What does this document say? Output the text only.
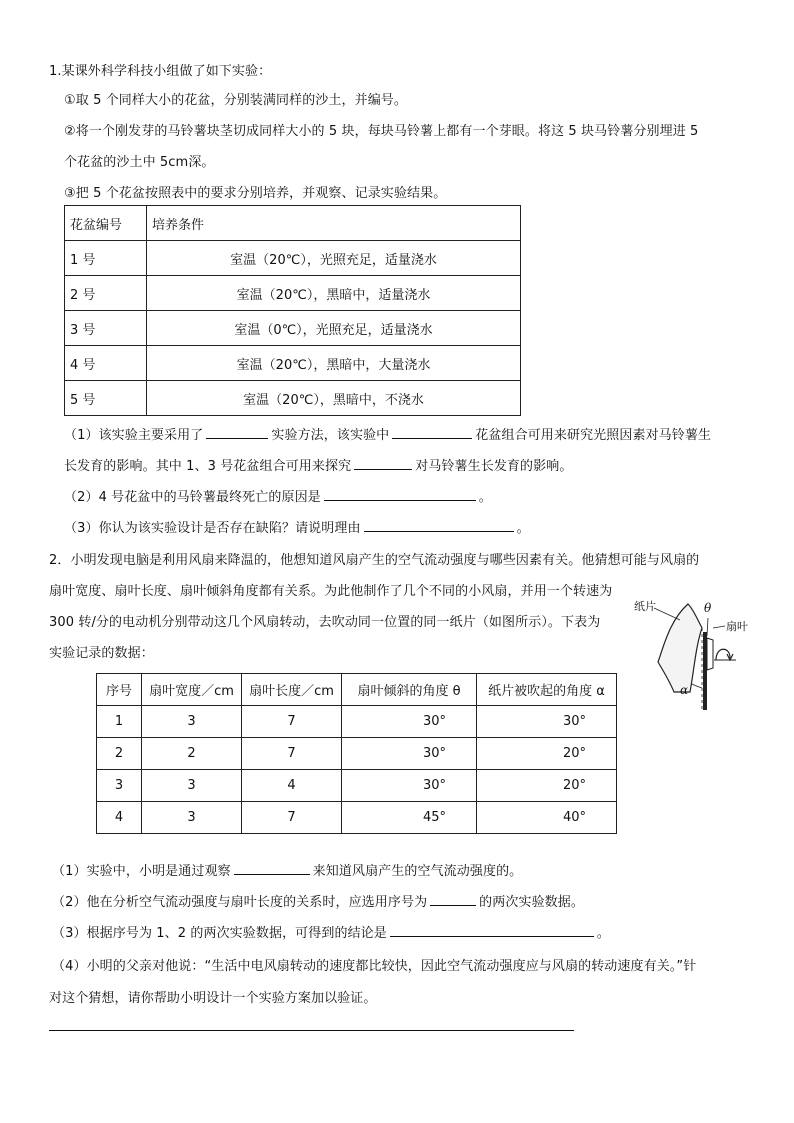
1.某课外科学科技小组做了如下实验：
①取 5 个同样大小的花盆，分别装满同样的沙土，并编号。
②将一个刚发芽的马铃薯块茎切成同样大小的 5 块，每块马铃薯上都有一个芽眼。将这 5 块马铃薯分别埋进 5
个花盆的沙土中 5cm深。
③把 5 个花盆按照表中的要求分别培养，并观察、记录实验结果。
花盆编号	培养条件
1 号	室温（20℃），光照充足，适量浇水
2 号	室温（20℃），黑暗中，适量浇水
3 号	室温（0℃），光照充足，适量浇水
4 号	室温（20℃），黑暗中，大量浇水
5 号	室温（20℃），黑暗中，不浇水
（1）该实验主要采用了	实验方法，该实验中	花盆组合可用来研究光照因素对马铃薯生
长发育的影响。其中 1、3 号花盆组合可用来探究	对马铃薯生长发育的影响。
（2）4 号花盆中的马铃薯最终死亡的原因是	。
（3）你认为该实验设计是否存在缺陷？请说明理由	。
2．小明发现电脑是利用风扇来降温的，他想知道风扇产生的空气流动强度与哪些因素有关。他猜想可能与风扇的
扇叶宽度、扇叶长度、扇叶倾斜角度都有关系。为此他制作了几个不同的小风扇，并用一个转速为
300 转/分的电动机分别带动这几个风扇转动，去吹动同一位置的同一纸片（如图所示）。下表为
实验记录的数据：
纸片	θ
扇叶
α
序号	扇叶宽度／cm	扇叶长度／cm	扇叶倾斜的角度 θ	纸片被吹起的角度 α
1	3	7	30°	30°
2	2	7	30°	20°
3	3	4	30°	20°
4	3	7	45°	40°
（1）实验中，小明是通过观察	来知道风扇产生的空气流动强度的。
（2）他在分析空气流动强度与扇叶长度的关系时，应选用序号为	的两次实验数据。
（3）根据序号为 1、2 的两次实验数据，可得到的结论是	。
（4）小明的父亲对他说：“生活中电风扇转动的速度都比较快，因此空气流动强度应与风扇的转动速度有关。”针
对这个猜想，请你帮助小明设计一个实验方案加以验证。
